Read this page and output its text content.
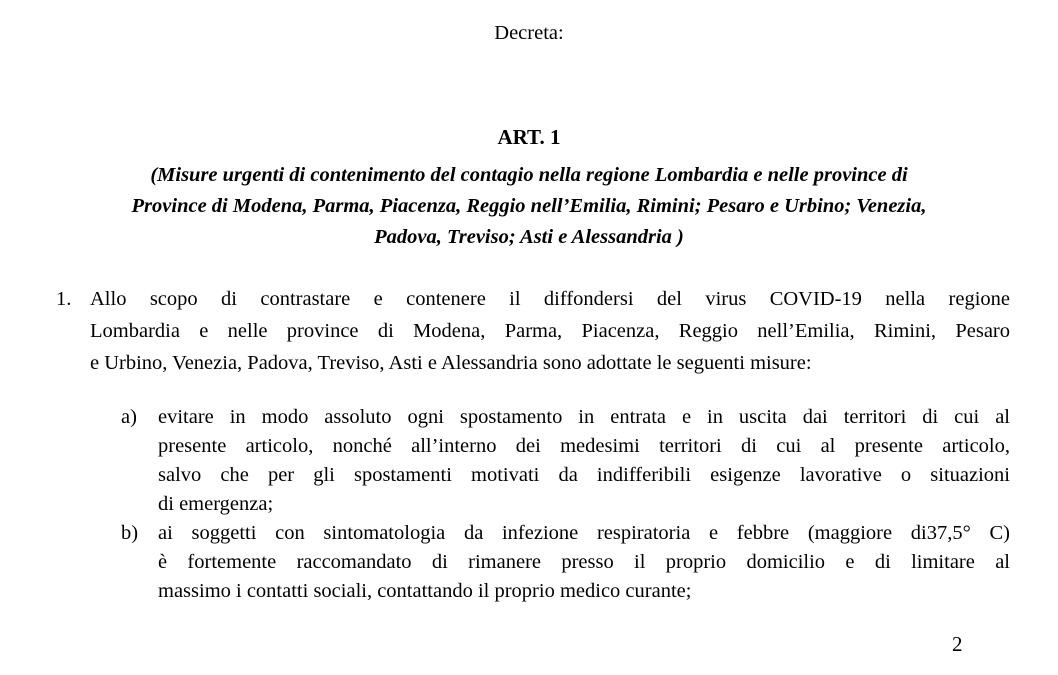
Decreta:
ART. 1
(Misure urgenti di contenimento del contagio nella regione Lombardia e nelle province di
Province di Modena, Parma, Piacenza, Reggio nell’Emilia, Rimini; Pesaro e Urbino; Venezia,
Padova, Treviso; Asti e Alessandria )
1. Allo scopo di contrastare e contenere il diffondersi del virus COVID-19 nella regione
Lombardia e nelle province di Modena, Parma, Piacenza, Reggio nell’Emilia, Rimini, Pesaro
e Urbino, Venezia, Padova, Treviso, Asti e Alessandria sono adottate le seguenti misure:
a) evitare in modo assoluto ogni spostamento in entrata e in uscita dai territori di cui al
presente articolo, nonché all’interno dei medesimi territori di cui al presente articolo,
salvo che per gli spostamenti motivati da indifferibili esigenze lavorative o situazioni
di emergenza;
b) ai soggetti con sintomatologia da infezione respiratoria e febbre (maggiore di37,5° C)
è fortemente raccomandato di rimanere presso il proprio domicilio e di limitare al
massimo i contatti sociali, contattando il proprio medico curante;
2
